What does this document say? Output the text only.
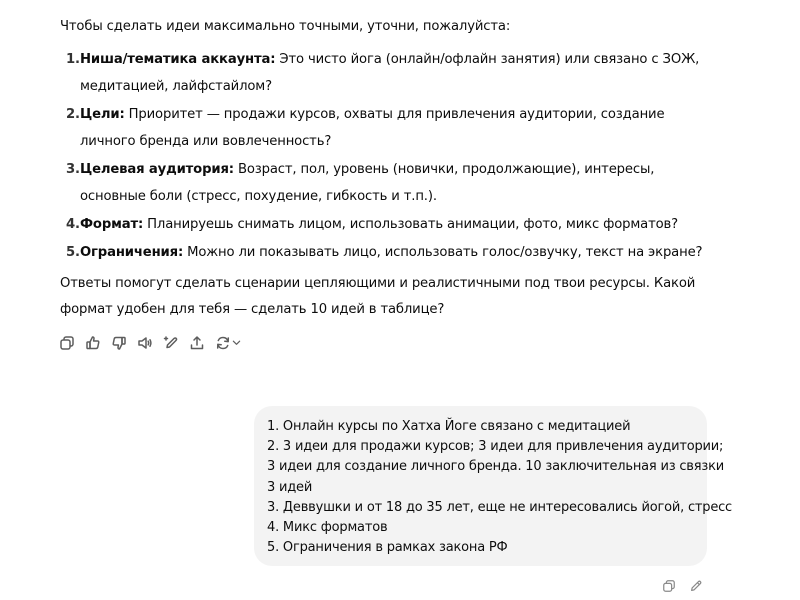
Чтобы сделать идеи максимально точными, уточни, пожалуйста:

1. Ниша/тематика аккаунта: Это чисто йога (онлайн/офлайн занятия) или связано с ЗОЖ, медитацией, лайфстайлом?
2. Цели: Приоритет — продажи курсов, охваты для привлечения аудитории, создание личного бренда или вовлеченность?
3. Целевая аудитория: Возраст, пол, уровень (новички, продолжающие), интересы, основные боли (стресс, похудение, гибкость и т.п.).
4. Формат: Планируешь снимать лицом, использовать анимации, фото, микс форматов?
5. Ограничения: Можно ли показывать лицо, использовать голос/озвучку, текст на экране?

Ответы помогут сделать сценарии цепляющими и реалистичными под твои ресурсы. Какой формат удобен для тебя — сделать 10 идей в таблице?

1. Онлайн курсы по Хатха Йоге связано с медитацией
2. 3 идеи для продажи курсов; 3 идеи для привлечения аудитории;
3 идеи для создание личного бренда. 10 заключительная из связки
3 идей
3. Деввушки и от 18 до 35 лет, еще не интересовались йогой, стресс
4. Микс форматов
5. Ограничения в рамках закона РФ
